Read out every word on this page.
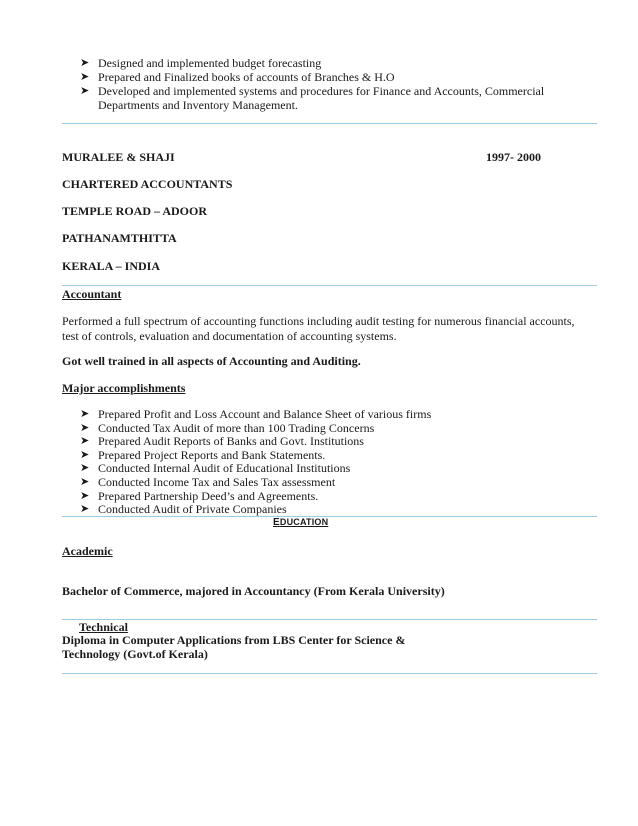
➤ Designed and implemented budget forecasting
➤ Prepared and Finalized books of accounts of Branches & H.O
➤ Developed and implemented systems and procedures for Finance and Accounts, Commercial
Departments and Inventory Management.
MURALEE & SHAJI	1997- 2000
CHARTERED ACCOUNTANTS
TEMPLE ROAD – ADOOR
PATHANAMTHITTA
KERALA – INDIA
Accountant
Performed a full spectrum of accounting functions including audit testing for numerous financial accounts,
test of controls, evaluation and documentation of accounting systems.
Got well trained in all aspects of Accounting and Auditing.
Major accomplishments
➤ Prepared Profit and Loss Account and Balance Sheet of various firms
➤ Conducted Tax Audit of more than 100 Trading Concerns
➤ Prepared Audit Reports of Banks and Govt. Institutions
➤ Prepared Project Reports and Bank Statements.
➤ Conducted Internal Audit of Educational Institutions
➤ Conducted Income Tax and Sales Tax assessment
➤ Prepared Partnership Deed’s and Agreements.
➤ Conducted Audit of Private Companies
EDUCATION
Academic
Bachelor of Commerce, majored in Accountancy (From Kerala University)
Technical
Diploma in Computer Applications from LBS Center for Science &
Technology (Govt.of Kerala)
